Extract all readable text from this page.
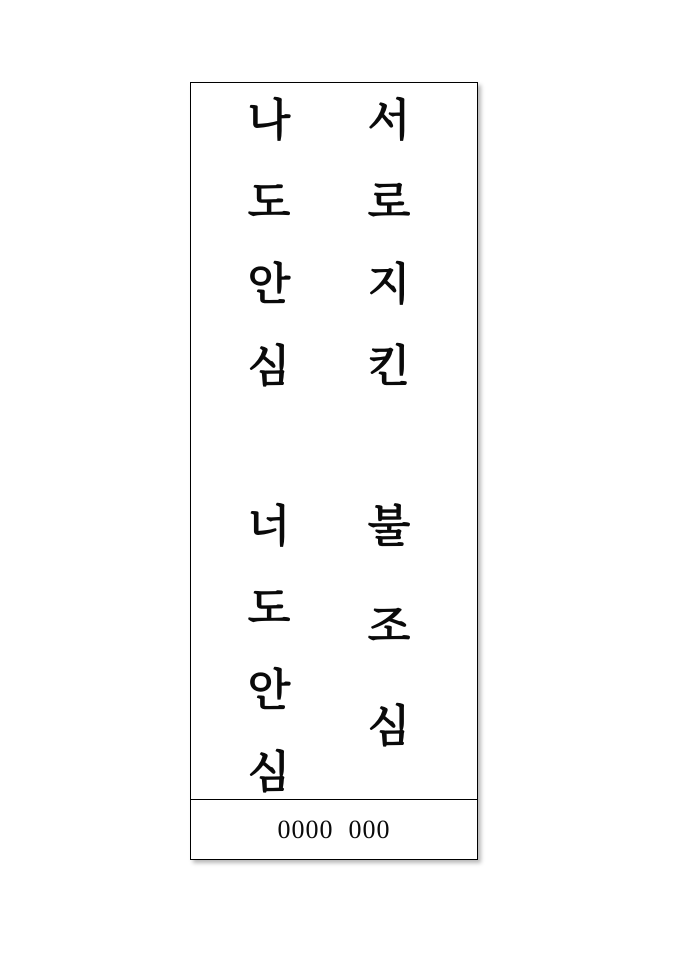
서
로
지
킨
나
도
안
심
불
조
심
너
도
안
심
0000  000
